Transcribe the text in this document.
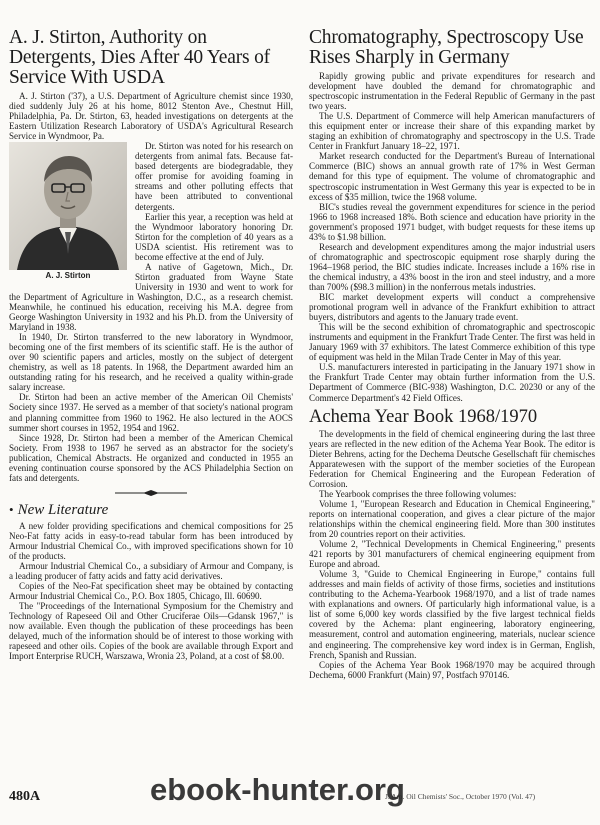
A. J. Stirton, Authority on Detergents, Dies After 40 Years of Service With USDA

A. J. Stirton ('37), a U.S. Department of Agriculture chemist since 1930, died suddenly July 26 at his home, 8012 Stenton Ave., Chestnut Hill, Philadelphia, Pa. Dr. Stirton, 63, headed investigations on detergents at the Eastern Utilization Research Laboratory of USDA's Agricultural Research Service in Wyndmoor, Pa.

A. J. Stirton

Dr. Stirton was noted for his research on detergents from animal fats. Because fat-based detergents are biodegradable, they offer promise for avoiding foaming in streams and other polluting effects that have been attributed to conventional detergents.

Earlier this year, a reception was held at the Wyndmoor laboratory honoring Dr. Stirton for the completion of 40 years as a USDA scientist. His retirement was to become effective at the end of July.

A native of Gagetown, Mich., Dr. Stirton graduated from Wayne State University in 1930 and went to work for the Department of Agriculture in Washington, D.C., as a research chemist. Meanwhile, he continued his education, receiving his M.A. degree from George Washington University in 1932 and his Ph.D. from the University of Maryland in 1938.

In 1940, Dr. Stirton transferred to the new laboratory in Wyndmoor, becoming one of the first members of its scientific staff. He is the author of over 90 scientific papers and articles, mostly on the subject of detergent chemistry, as well as 18 patents. In 1968, the Department awarded him an outstanding rating for his research, and he received a quality within-grade salary increase.

Dr. Stirton had been an active member of the American Oil Chemists' Society since 1937. He served as a member of that society's national program and planning committee from 1960 to 1962. He also lectured in the AOCS summer short courses in 1952, 1954 and 1962.

Since 1928, Dr. Stirton had been a member of the American Chemical Society. From 1938 to 1967 he served as an abstractor for the society's publication, Chemical Abstracts. He organized and conducted in 1955 an evening continuation course sponsored by the ACS Philadelphia Section on fats and detergents.

• New Literature

A new folder providing specifications and chemical compositions for 25 Neo-Fat fatty acids in easy-to-read tabular form has been introduced by Armour Industrial Chemical Co., with improved specifications shown for 10 of the products.

Armour Industrial Chemical Co., a subsidiary of Armour and Company, is a leading producer of fatty acids and fatty acid derivatives.

Copies of the Neo-Fat specification sheet may be obtained by contacting Armour Industrial Chemical Co., P.O. Box 1805, Chicago, Ill. 60690.

The "Proceedings of the International Symposium for the Chemistry and Technology of Rapeseed Oil and Other Cruciferae Oils—Gdansk 1967," is now available. Even though the publication of these proceedings has been delayed, much of the information should be of interest to those working with rapeseed and other oils. Copies of the book are available through Export and Import Enterprise RUCH, Warszawa, Wronia 23, Poland, at a cost of $8.00.

Chromatography, Spectroscopy Use Rises Sharply in Germany

Rapidly growing public and private expenditures for research and development have doubled the demand for chromatographic and spectroscopic instrumentation in the Federal Republic of Germany in the past two years.

The U.S. Department of Commerce will help American manufacturers of this equipment enter or increase their share of this expanding market by staging an exhibition of chromatography and spectroscopy in the U.S. Trade Center in Frankfurt January 18–22, 1971.

Market research conducted for the Department's Bureau of International Commerce (BIC) shows an annual growth rate of 17% in West German demand for this type of equipment. The volume of chromatographic and spectroscopic instrumentation in West Germany this year is expected to be in excess of $35 million, twice the 1968 volume.

BIC's studies reveal the government expenditures for science in the period 1966 to 1968 increased 18%. Both science and education have priority in the government's proposed 1971 budget, with budget requests for these items up 43% to $1.98 billion.

Research and development expenditures among the major industrial users of chromatographic and spectroscopic equipment rose sharply during the 1964–1968 period, the BIC studies indicate. Increases include a 16% rise in the chemical industry, a 43% boost in the iron and steel industry, and a more than 700% ($98.3 million) in the nonferrous metals industries.

BIC market development experts will conduct a comprehensive promotional program well in advance of the Frankfurt exhibition to attract buyers, distributors and agents to the January trade event.

This will be the second exhibition of chromatographic and spectroscopic instruments and equipment in the Frankfurt Trade Center. The first was held in January 1969 with 37 exhibitors. The latest Commerce exhibition of this type of equipment was held in the Milan Trade Center in May of this year.

U.S. manufacturers interested in participating in the January 1971 show in the Frankfurt Trade Center may obtain further information from the U.S. Department of Commerce (BIC-938) Washington, D.C. 20230 or any of the Commerce Department's 42 Field Offices.

Achema Year Book 1968/1970

The developments in the field of chemical engineering during the last three years are reflected in the new edition of the Achema Year Book. The editor is Dieter Behrens, acting for the Dechema Deutsche Gesellschaft für chemisches Apparatewesen with the support of the member societies of the European Federation for Chemical Engineering and the European Federation of Corrosion.

The Yearbook comprises the three following volumes:

Volume 1, "European Research and Education in Chemical Engineering," reports on international cooperation, and gives a clear picture of the major relationships within the chemical engineering field. More than 300 institutes from 20 countries report on their activities.

Volume 2, "Technical Developments in Chemical Engineering," presents 421 reports by 301 manufacturers of chemical engineering equipment from Europe and abroad.

Volume 3, "Guide to Chemical Engineering in Europe," contains full addresses and main fields of activity of those firms, societies and institutions contributing to the Achema-Yearbook 1968/1970, and a list of trade names with explanations and owners. Of particularly high informational value, is a list of some 6,000 key words classified by the five largest technical fields covered by the Achema: plant engineering, laboratory engineering, measurement, control and automation engineering, materials, nuclear science and engineering. The comprehensive key word index is in German, English, French, Spanish and Russian.

Copies of the Achema Year Book 1968/1970 may be acquired through Dechema, 6000 Frankfurt (Main) 97, Postfach 970146.

480A	J. Am. Oil Chemists' Soc., October 1970 (Vol. 47)
ebook-hunter.org
